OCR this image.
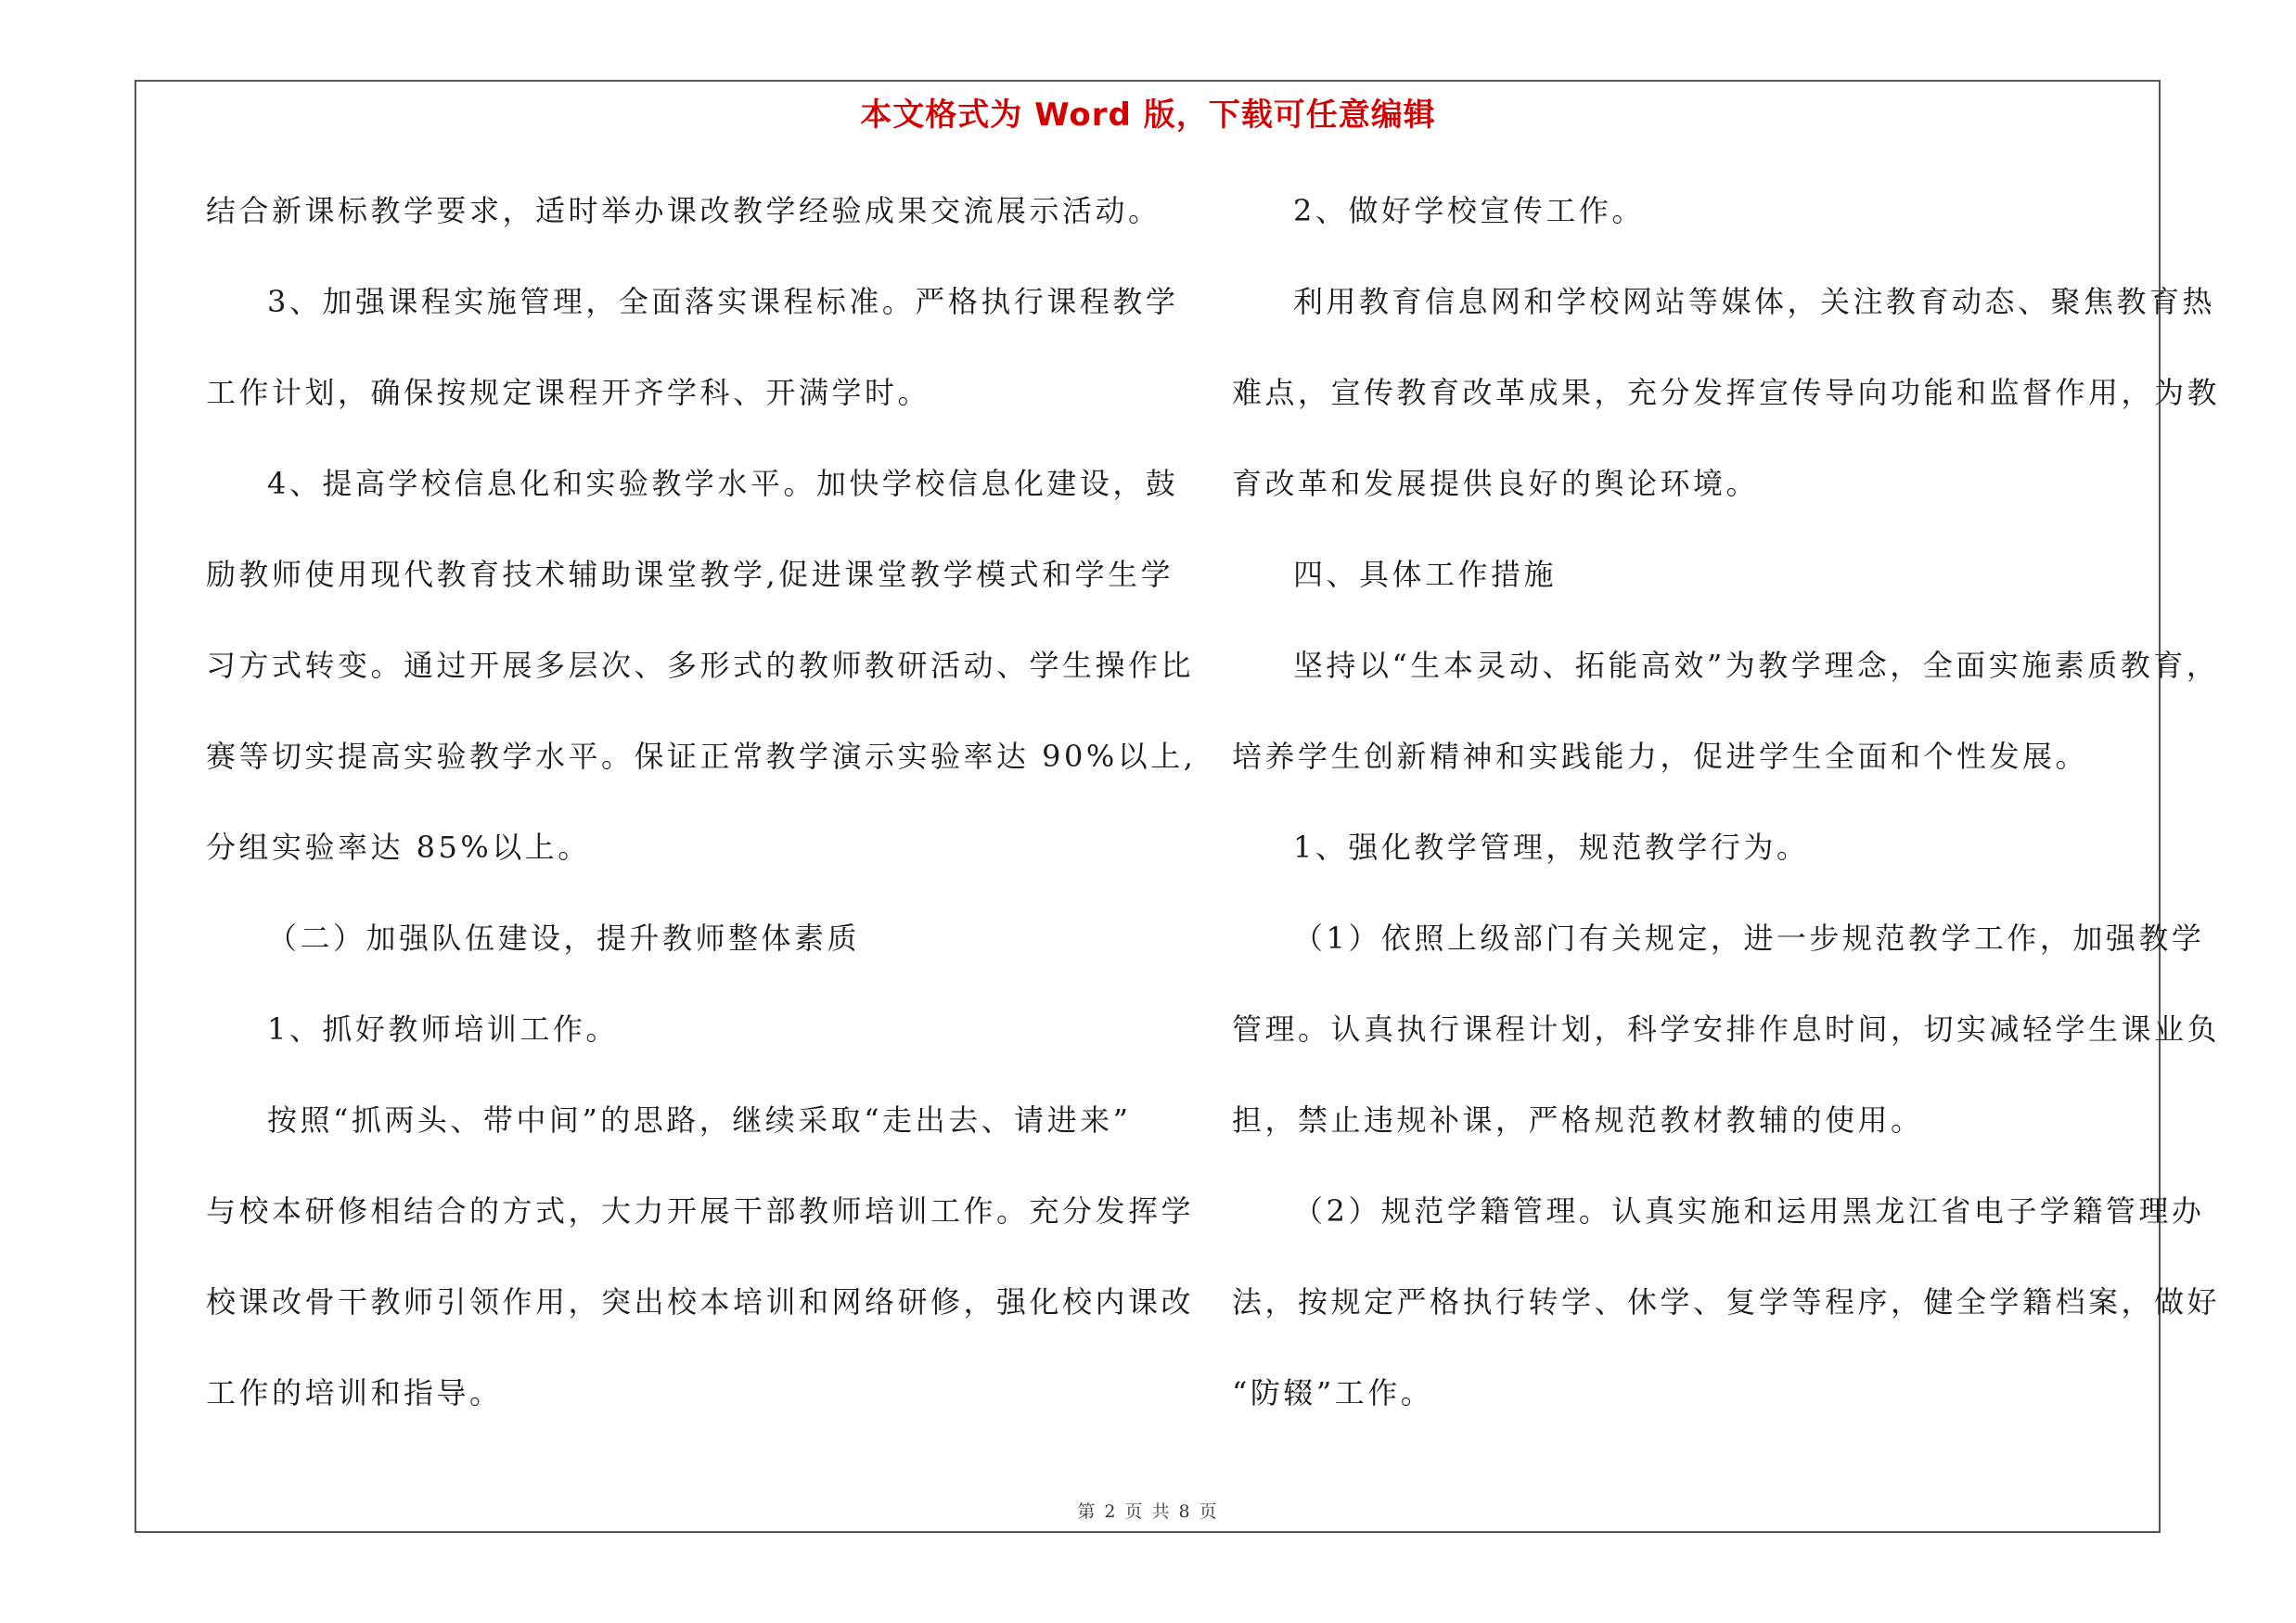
本文格式为 Word 版，下载可任意编辑
结合新课标教学要求，适时举办课改教学经验成果交流展示活动。
3、加强课程实施管理，全面落实课程标准。严格执行课程教学
工作计划，确保按规定课程开齐学科、开满学时。
4、提高学校信息化和实验教学水平。加快学校信息化建设，鼓
励教师使用现代教育技术辅助课堂教学,促进课堂教学模式和学生学
习方式转变。通过开展多层次、多形式的教师教研活动、学生操作比
赛等切实提高实验教学水平。保证正常教学演示实验率达 90%以上,
分组实验率达 85%以上。
（二）加强队伍建设，提升教师整体素质
1、抓好教师培训工作。
按照“抓两头、带中间”的思路，继续采取“走出去、请进来”
与校本研修相结合的方式，大力开展干部教师培训工作。充分发挥学
校课改骨干教师引领作用，突出校本培训和网络研修，强化校内课改
工作的培训和指导。
2、做好学校宣传工作。
利用教育信息网和学校网站等媒体，关注教育动态、聚焦教育热
难点，宣传教育改革成果，充分发挥宣传导向功能和监督作用，为教
育改革和发展提供良好的舆论环境。
四、具体工作措施
坚持以“生本灵动、拓能高效”为教学理念，全面实施素质教育，
培养学生创新精神和实践能力，促进学生全面和个性发展。
1、强化教学管理，规范教学行为。
（1）依照上级部门有关规定，进一步规范教学工作，加强教学
管理。认真执行课程计划，科学安排作息时间，切实减轻学生课业负
担，禁止违规补课，严格规范教材教辅的使用。
（2）规范学籍管理。认真实施和运用黑龙江省电子学籍管理办
法，按规定严格执行转学、休学、复学等程序，健全学籍档案，做好
“防辍”工作。
第 2 页 共 8 页
